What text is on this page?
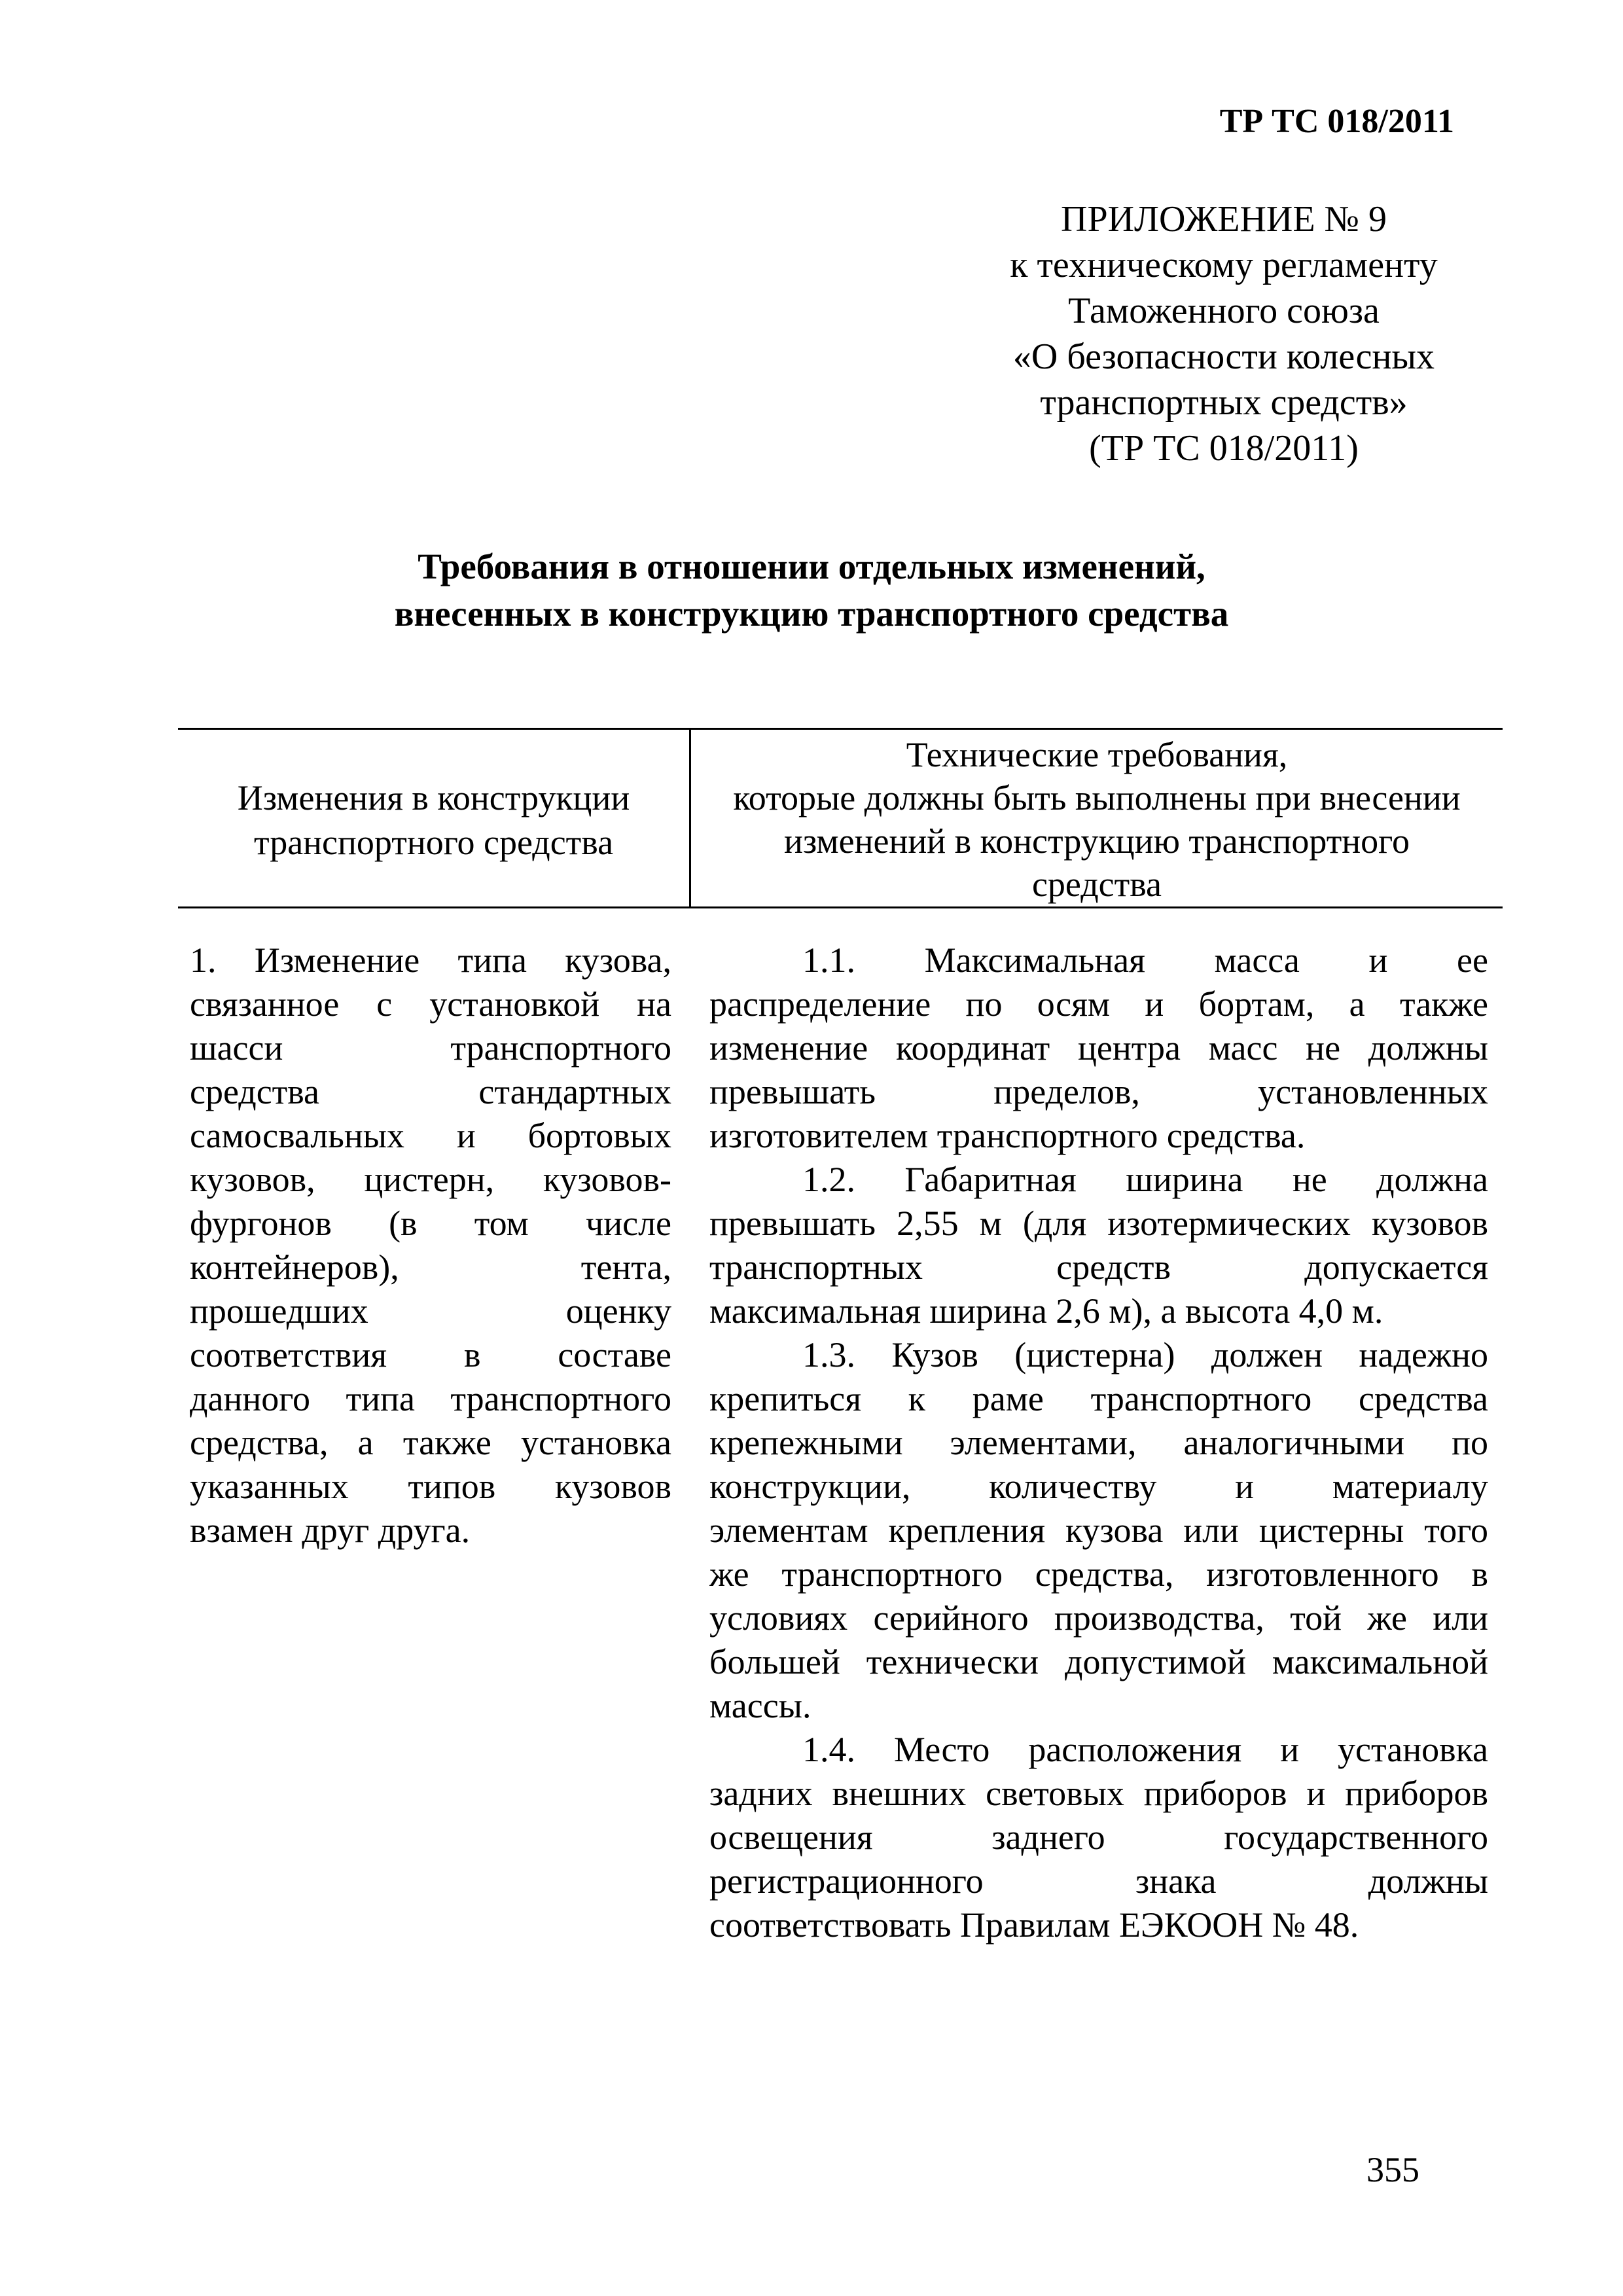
ТР ТС 018/2011
ПРИЛОЖЕНИЕ № 9
к техническому регламенту
Таможенного союза
«О безопасности колесных
транспортных средств»
(ТР ТС 018/2011)
Требования в отношении отдельных изменений,
внесенных в конструкцию транспортного средства
Изменения в конструкции
транспортного средства
Технические требования,
которые должны быть выполнены при внесении
изменений в конструкцию транспортного
средства
1. Изменение типа кузова,
связанное с установкой на
шасси транспортного
средства стандартных
самосвальных и бортовых
кузовов, цистерн, кузовов-
фургонов (в том числе
контейнеров), тента,
прошедших оценку
соответствия в составе
данного типа транспортного
средства, а также установка
указанных типов кузовов
взамен друг друга.
1.1. Максимальная масса и ее
распределение по осям и бортам, а также
изменение координат центра масс не должны
превышать пределов, установленных
изготовителем транспортного средства.
1.2. Габаритная ширина не должна
превышать 2,55 м (для изотермических кузовов
транспортных средств допускается
максимальная ширина 2,6 м), а высота 4,0 м.
1.3. Кузов (цистерна) должен надежно
крепиться к раме транспортного средства
крепежными элементами, аналогичными по
конструкции, количеству и материалу
элементам крепления кузова или цистерны того
же транспортного средства, изготовленного в
условиях серийного производства, той же или
большей технически допустимой максимальной
массы.
1.4. Место расположения и установка
задних внешних световых приборов и приборов
освещения заднего государственного
регистрационного знака должны
соответствовать Правилам ЕЭКООН № 48.
355
